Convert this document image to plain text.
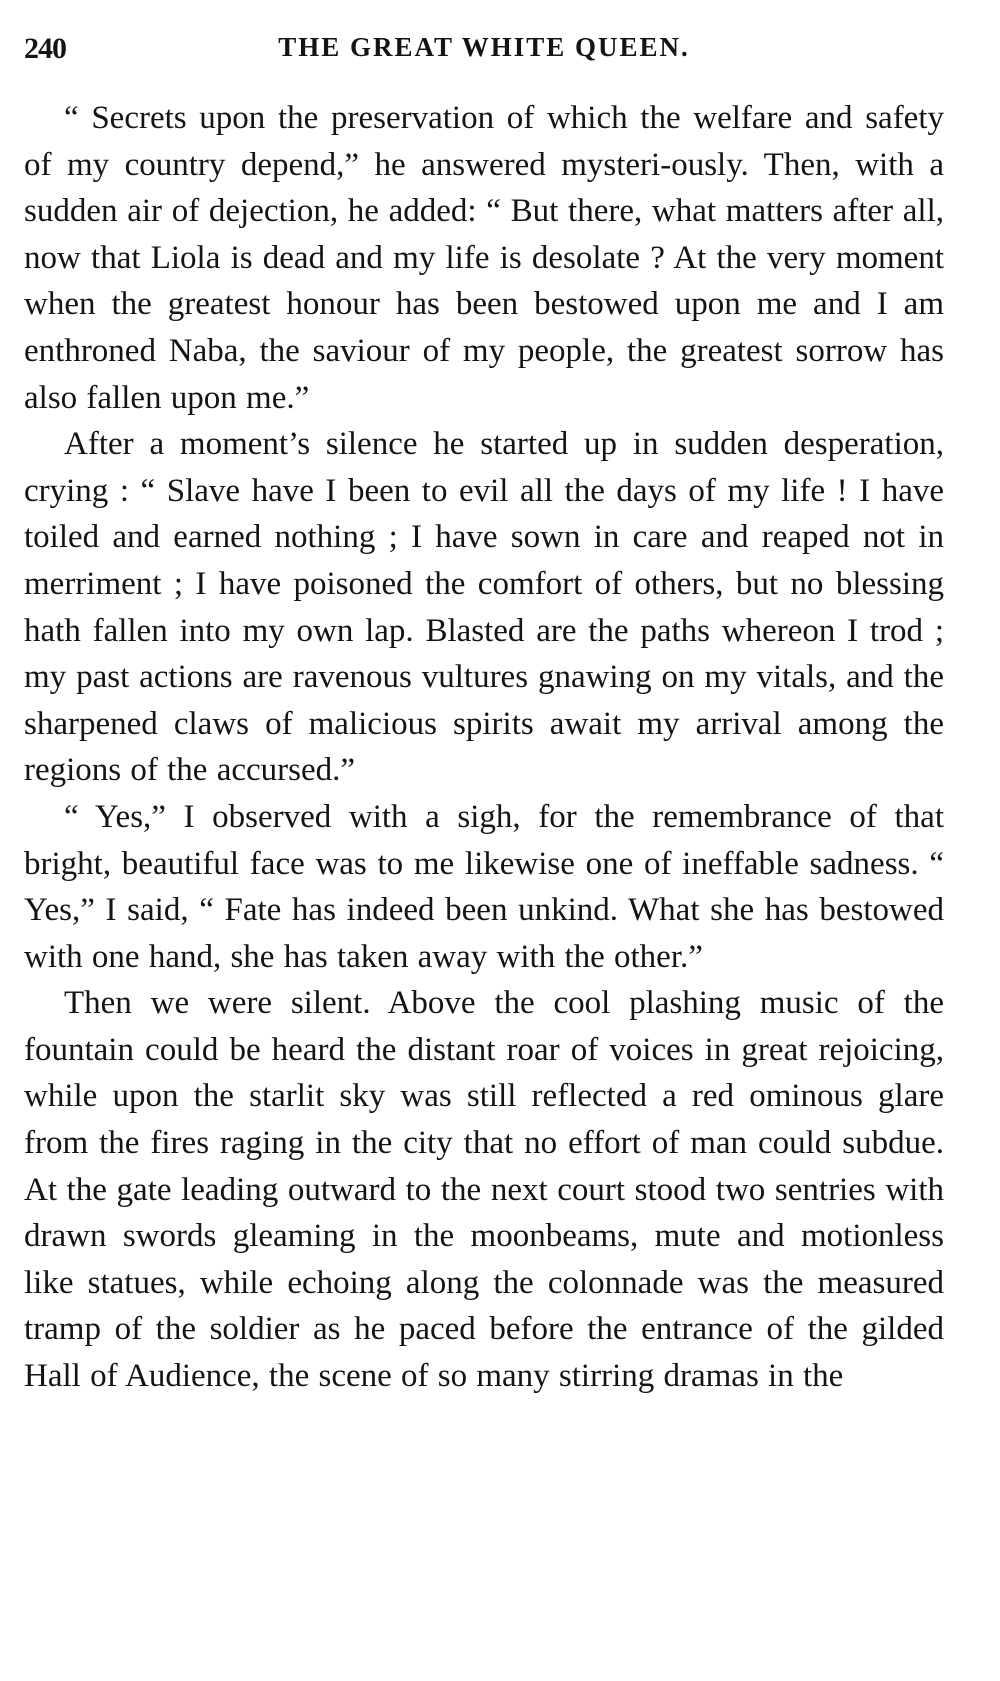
240	THE GREAT WHITE QUEEN.

“ Secrets upon the preservation of which the welfare and safety of my country depend,” he answered mysteri-ously. Then, with a sudden air of dejection, he added: “ But there, what matters after all, now that Liola is dead and my life is desolate ? At the very moment when the greatest honour has been bestowed upon me and I am enthroned Naba, the saviour of my people, the greatest sorrow has also fallen upon me.”

After a moment’s silence he started up in sudden desperation, crying : “ Slave have I been to evil all the days of my life ! I have toiled and earned nothing ; I have sown in care and reaped not in merriment ; I have poisoned the comfort of others, but no blessing hath fallen into my own lap. Blasted are the paths whereon I trod ; my past actions are ravenous vultures gnawing on my vitals, and the sharpened claws of malicious spirits await my arrival among the regions of the accursed.”

“ Yes,” I observed with a sigh, for the remembrance of that bright, beautiful face was to me likewise one of ineffable sadness. “ Yes,” I said, “ Fate has indeed been unkind. What she has bestowed with one hand, she has taken away with the other.”

Then we were silent. Above the cool plashing music of the fountain could be heard the distant roar of voices in great rejoicing, while upon the starlit sky was still reflected a red ominous glare from the fires raging in the city that no effort of man could subdue. At the gate leading outward to the next court stood two sentries with drawn swords gleaming in the moonbeams, mute and motionless like statues, while echoing along the colonnade was the measured tramp of the soldier as he paced before the entrance of the gilded Hall of Audience, the scene of so many stirring dramas in the
